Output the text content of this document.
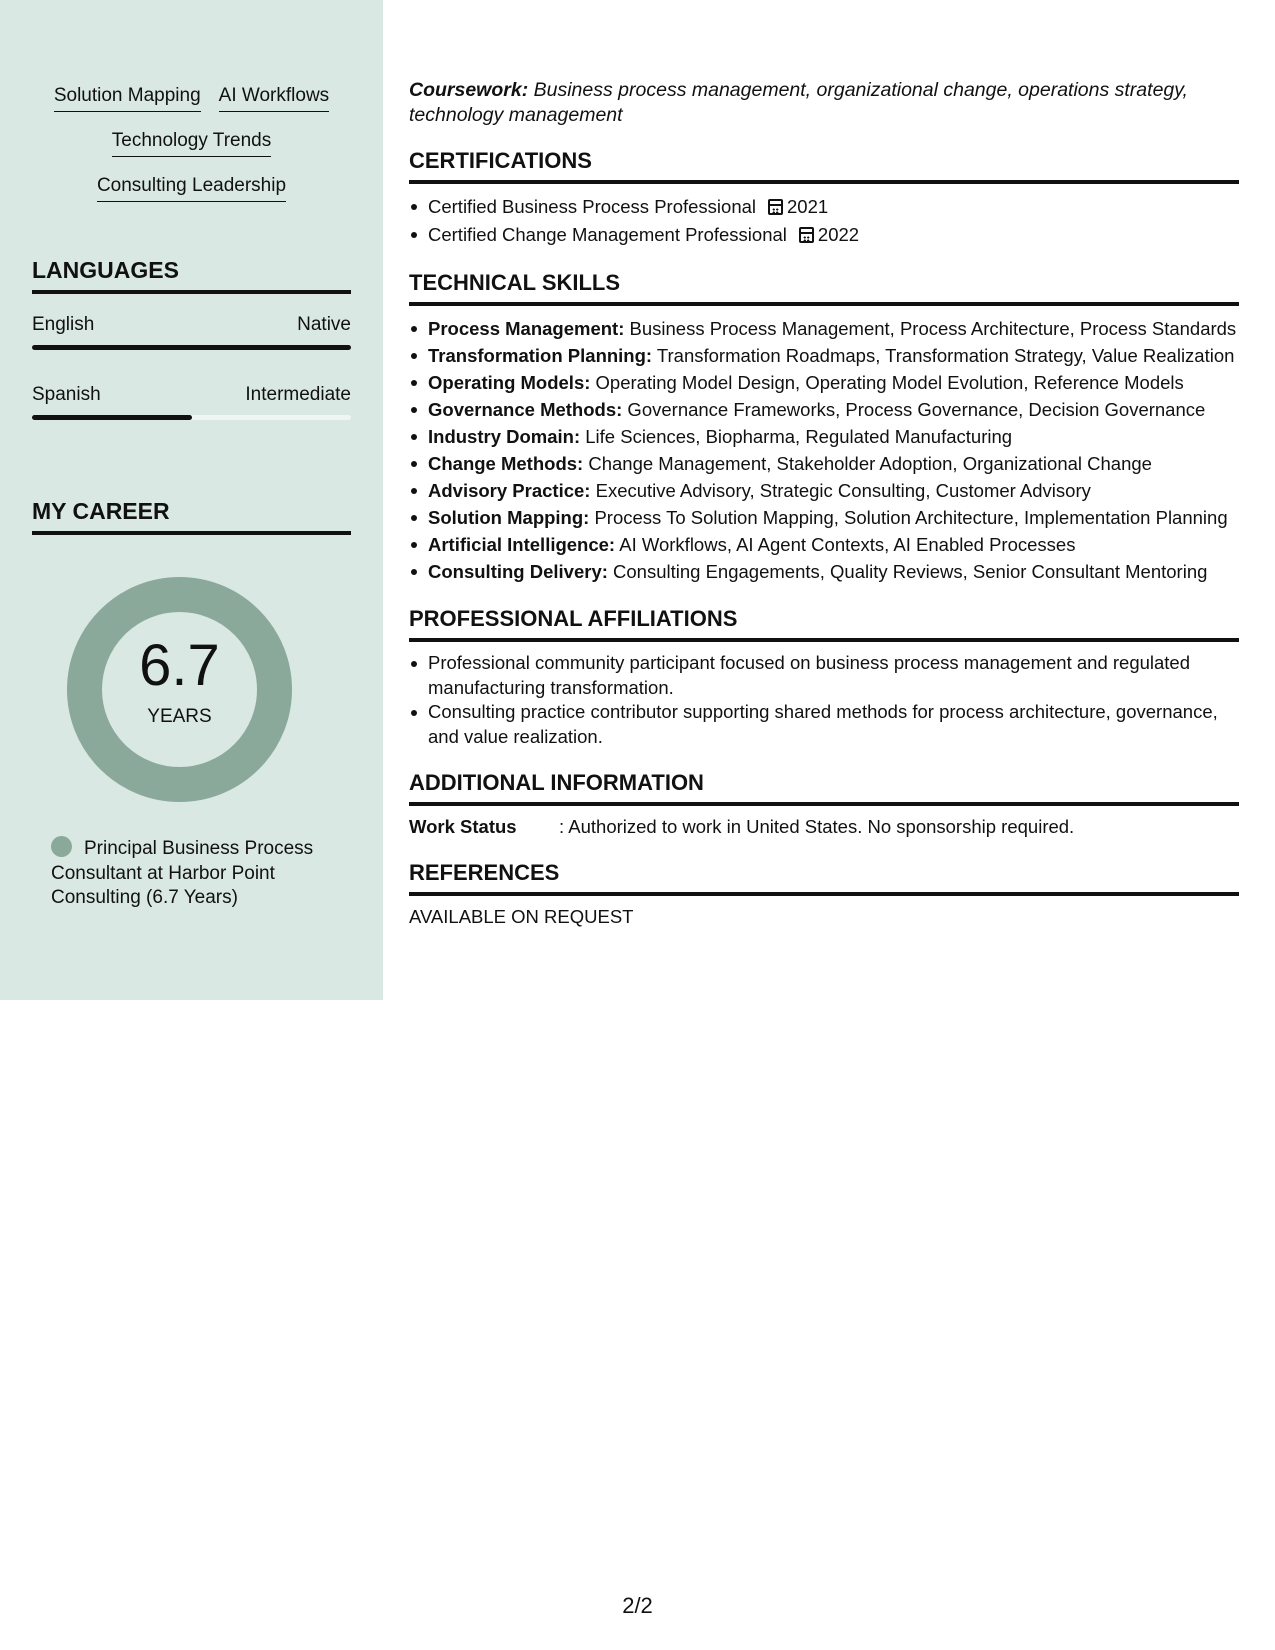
Solution Mapping AI Workflows
Technology Trends
Consulting Leadership
LANGUAGES
English	Native
Spanish	Intermediate
MY CAREER
6.7
YEARS
Principal Business Process Consultant at Harbor Point Consulting (6.7 Years)
Coursework: Business process management, organizational change, operations strategy, technology management
CERTIFICATIONS
Certified Business Process Professional 2021
Certified Change Management Professional 2022
TECHNICAL SKILLS
Process Management: Business Process Management, Process Architecture, Process Standards
Transformation Planning: Transformation Roadmaps, Transformation Strategy, Value Realization
Operating Models: Operating Model Design, Operating Model Evolution, Reference Models
Governance Methods: Governance Frameworks, Process Governance, Decision Governance
Industry Domain: Life Sciences, Biopharma, Regulated Manufacturing
Change Methods: Change Management, Stakeholder Adoption, Organizational Change
Advisory Practice: Executive Advisory, Strategic Consulting, Customer Advisory
Solution Mapping: Process To Solution Mapping, Solution Architecture, Implementation Planning
Artificial Intelligence: AI Workflows, AI Agent Contexts, AI Enabled Processes
Consulting Delivery: Consulting Engagements, Quality Reviews, Senior Consultant Mentoring
PROFESSIONAL AFFILIATIONS
Professional community participant focused on business process management and regulated manufacturing transformation.
Consulting practice contributor supporting shared methods for process architecture, governance, and value realization.
ADDITIONAL INFORMATION
Work Status	: Authorized to work in United States. No sponsorship required.
REFERENCES
AVAILABLE ON REQUEST
2/2
